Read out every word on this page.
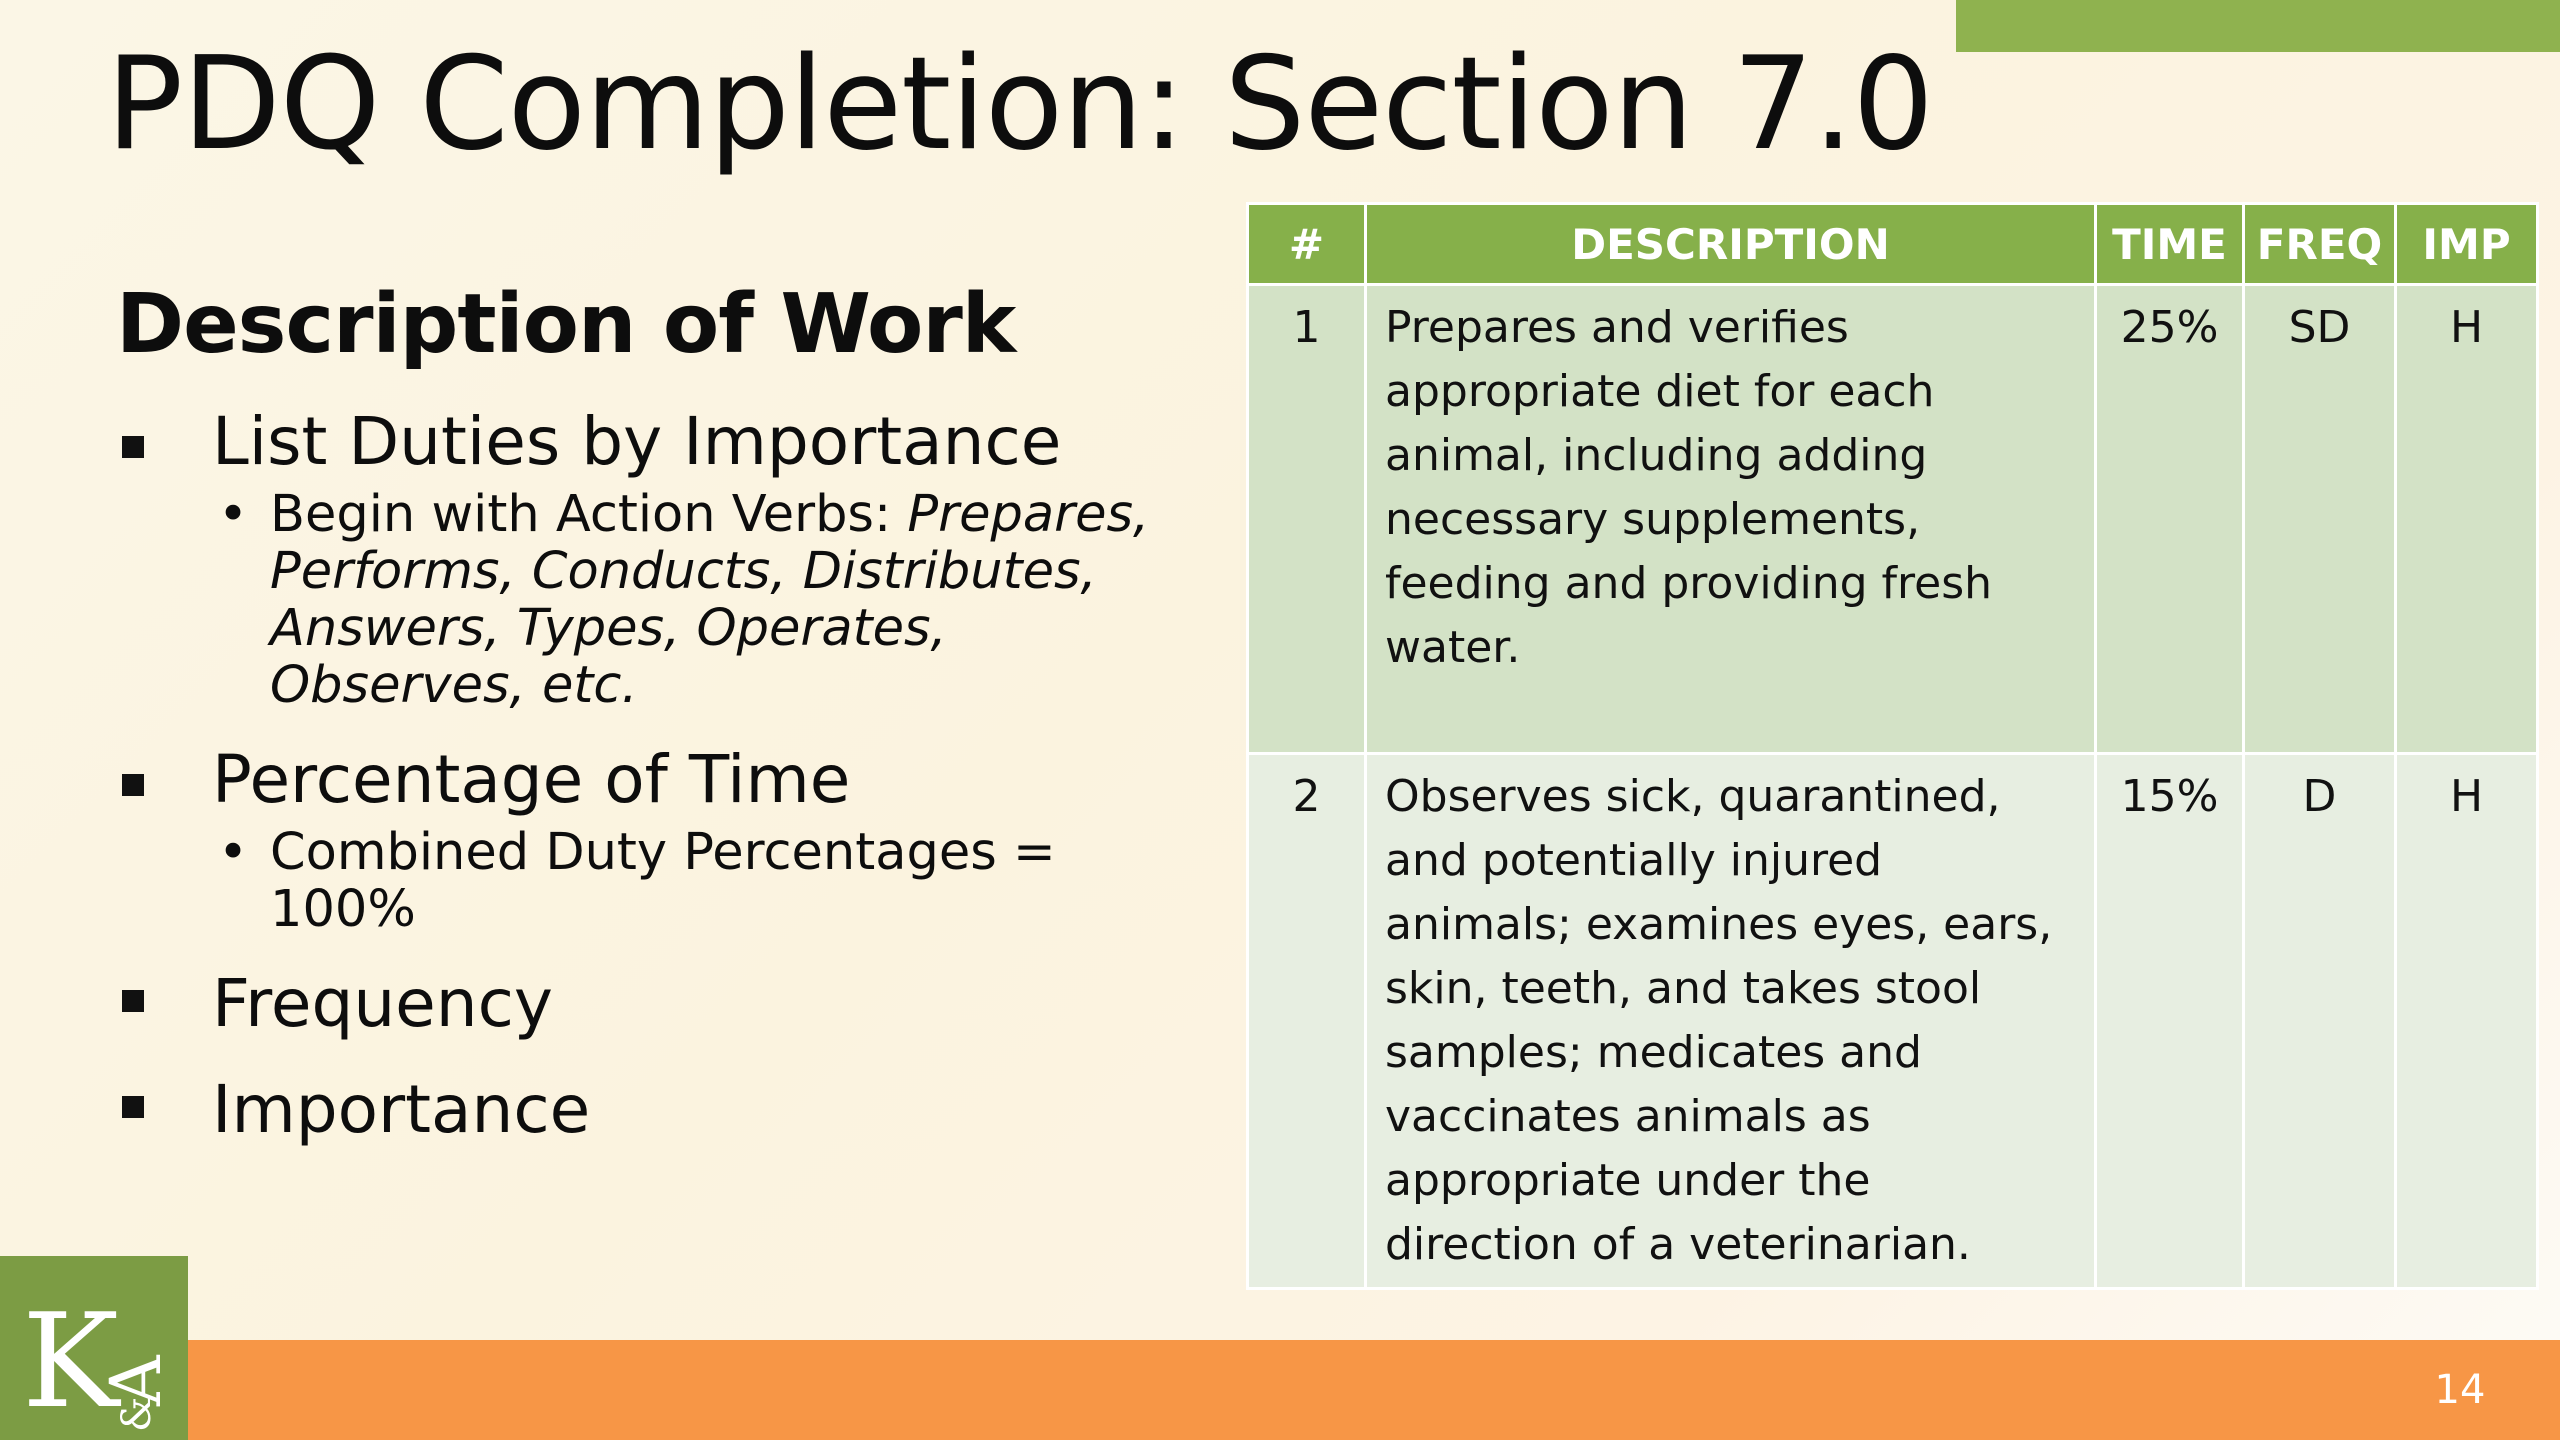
PDQ Completion: Section 7.0
Description of Work
List Duties by Importance
• Begin with Action Verbs: Prepares, Performs, Conducts, Distributes, Answers, Types, Operates, Observes, etc.
Percentage of Time
• Combined Duty Percentages = 100%
Frequency
Importance
#	DESCRIPTION	TIME	FREQ	IMP
1	Prepares and verifies appropriate diet for each animal, including adding necessary supplements, feeding and providing fresh water.	25%	SD	H
2	Observes sick, quarantined, and potentially injured animals; examines eyes, ears, skin, teeth, and takes stool samples; medicates and vaccinates animals as appropriate under the direction of a veterinarian.	15%	D	H
K
A
&
14
